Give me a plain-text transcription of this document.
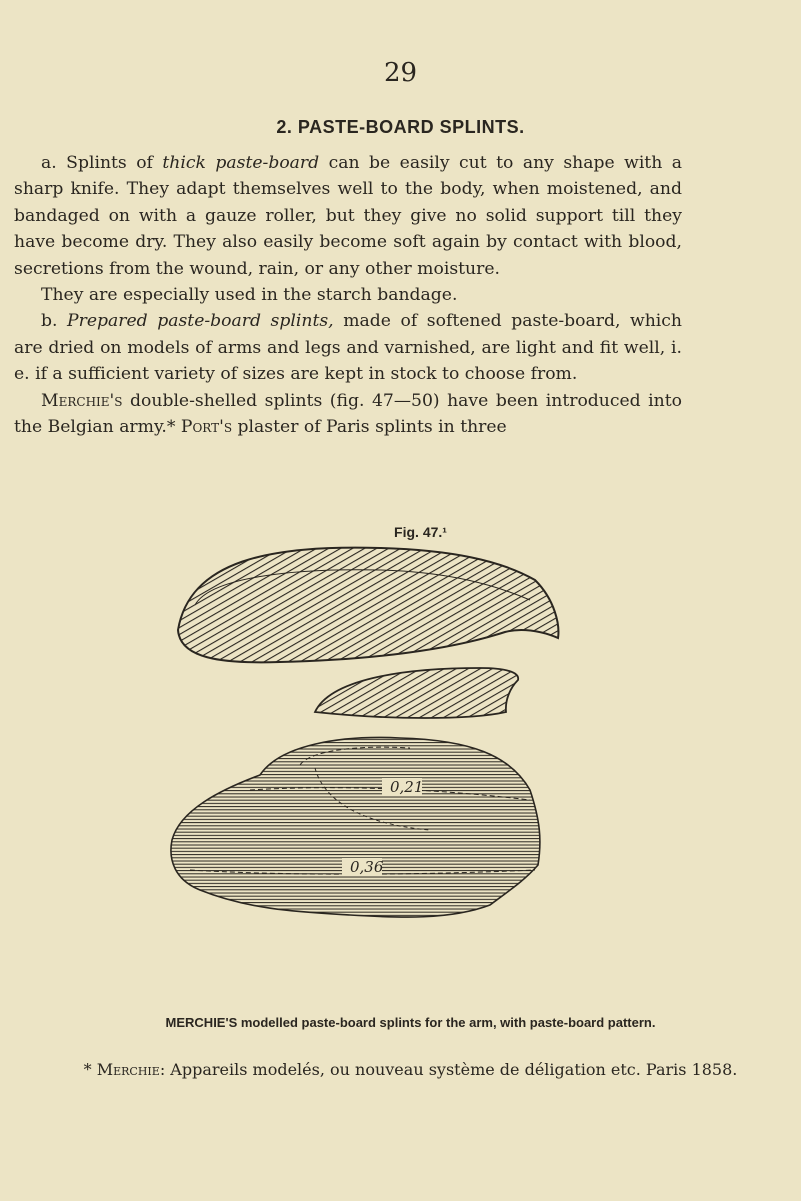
29
2. PASTE-BOARD SPLINTS.

a. Splints of thick paste-board can be easily cut to any shape with a sharp knife. They adapt themselves well to the body, when moistened, and bandaged on with a gauze roller, but they give no solid support till they have become dry. They also easily become soft again by contact with blood, secretions from the wound, rain, or any other moisture.

They are especially used in the starch bandage.

b. Prepared paste-board splints, made of softened paste-board, which are dried on models of arms and legs and varnished, are light and fit well, i. e. if a sufficient variety of sizes are kept in stock to choose from.

Merchie's double-shelled splints (fig. 47—50) have been introduced into the Belgian army.* Port's plaster of Paris splints in three

Fig. 47.¹
0,21
0,36
MERCHIE'S modelled paste-board splints for the arm, with paste-board pattern.
* Merchie: Appareils modelés, ou nouveau système de déligation etc. Paris 1858.
